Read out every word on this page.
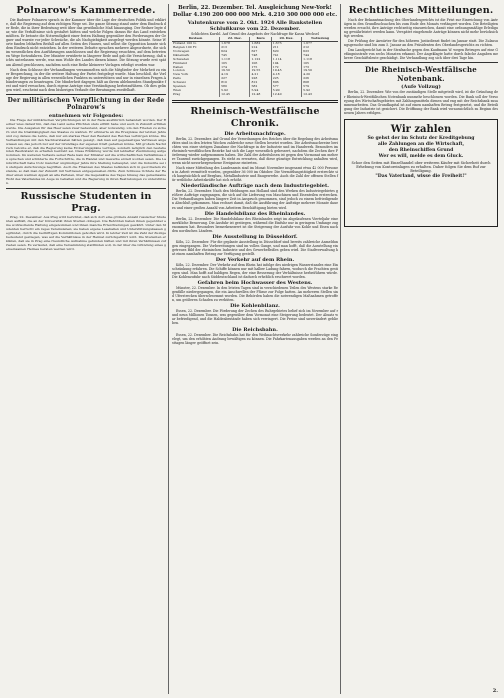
Polnarow's Kammerrede.
Die Badener Polnarow sprach in der Kammer über die Lage der deutschen Politik und erklärte, daß die Regierung auf dem richtigen Wege sei. Die ganze Sitzung stand unter dem Eindruck der Rede, die in ihrer Bedeutung weit über das gewöhnliche Maß hinausging. Der Redner legte dar, wie die Verhältnisse sich gestaltet hätten und welche Folgen daraus für das Land entstehen müßten. Er betonte die Notwendigkeit einer festen Haltung gegenüber den Forderungen der Gegner und warnte vor jeder Schwäche, die als Nachgiebigkeit ausgelegt werden könnte. Seine Worte fanden lebhaften Beifall auf allen Seiten des Hauses, und selbst die Opposition konnte sich dem Eindruck nicht entziehen. In der weiteren Debatte sprachen mehrere Abgeordnete, die sich im wesentlichen den Ausführungen anschlossen und die Regierung ersuchten, auf dem betretenen Wege fortzufahren. Der Minister erwiderte in längerer Rede und gab die Versicherung, daß nichts unterlassen werde, was zum Wohle des Landes dienen könne. Die Sitzung wurde erst spät am Abend geschlossen, nachdem noch eine Reihe kleinerer Vorlagen erledigt worden war.
Nach dem Schlusse der Verhandlungen versammelten sich die Mitglieder der Mehrheit zu einer Besprechung, in der die weitere Haltung der Partei festgelegt wurde. Man beschloß, die Vorlage der Regierung in allen wesentlichen Punkten zu unterstützen und nur in einzelnen Fragen Abänderungen zu beantragen. Die Minderheit dagegen hält an ihrem ablehnenden Standpunkte fest und wird versuchen, durch eigene Anträge eine Verständigung herbeizuführen. Ob dies gelingen wird, erscheint nach dem bisherigen Verlaufe der Beratungen zweifelhaft.
Der militärischen Verpflichtung in der Rede Polnarow's
entnehmen wir Folgendes:
Die Frage der militärischen Verpflichtungen ist in der Rede ausführlich behandelt worden. Der Redner wies darauf hin, daß das Land seine Pflichten stets erfüllt habe und auch in Zukunft erfüllen werde. Die Ausgaben für das Heer seien zwar bedeutend, aber notwendig, um den Frieden zu sichern und die Unabhängigkeit des Staates zu wahren. Er erinnerte an die Ereignisse der letzten Jahre und zog daraus die Lehre, daß nur ein starkes Heer den Bestand des Reiches verbürgen könne. Die Verhandlungen mit den Nachbarstaaten hätten gezeigt, daß man auf gegenseitiges Vertrauen angewiesen sei, das jedoch nur auf der Grundlage der eigenen Kraft gedeihen könne. Mit großem Nachdruck betonte er, daß die Regierung keine Eroberungspläne verfolge, sondern lediglich den bestehenden Besitzstand zu erhalten bestrebt sei. Diese Erklärung wurde mit lebhafter Zustimmung aufgenommen. Im weiteren Verlaufe seiner Rede kam der Minister auf die wirtschaftlichen Verhältnisse zu sprechen und schilderte die Fortschritte, die in Handel und Gewerbe erzielt worden seien. Die Landwirtschaft habe trotz mancher ungünstiger Jahre ihre Stellung behauptet, und die Industrie sei in stetigem Aufschwunge begriffen. Auch die Finanzen des Staates befänden sich in geordnetem Zustande, so daß man der Zukunft mit Vertrauen entgegensehen dürfe. Zum Schlusse richtete der Redner einen warmen Appell an alle Parteien, über die Gegensätze des Tages hinweg das gemeinsame Wohl des Vaterlandes im Auge zu behalten und die Regierung in ihren Bestrebungen zu unterstützen.
Russische Studenten in Prag.
Prag, 22. Dezember. Aus Prag wird berichtet, daß sich dort eine größere Anzahl russischer Studenten aufhält, die an der Universität ihren Studien obliegen. Die Behörden haben ihnen gegenüber eine wohlwollende Haltung eingenommen und ihnen manche Erleichterungen gewährt. Unter den Studenten herrscht ein reges Vereinsleben; sie haben eigene Lesehallen und Unterstützungskassen gegründet, durch die bedürftigen Kommilitonen geholfen wird. In letzter Zeit ist die Zahl der Zuzüge bedeutend gestiegen, was auf die Verhältnisse in der Heimat zurückgeführt wird. Die Studenten erklären, daß sie in Prag eine freundliche Aufnahme gefunden hätten und mit ihren Verhältnissen zufrieden seien. Es verlautet, daß eine Versammlung stattfinden soll, in der über die Gründung eines gemeinsamen Heimes beraten werden wird.
Berlin, 22. Dezember. Tel. Ausgleichung New-York! Dollar 4.190 200 000 000 Mrk. 4.210 300 000 000 etc.
Valutenkurse vom 2. Okt. 1924 Alle Bankstellen
Schlußkurse vom 22. Dezember.
Schlichten Kursbl. Auf Grund des Angebots der Nachfrage für Kassa Wechsel
Devisen	22. Dez.	Kurs	20. Dez.	Notierung
Holland 100 G.	1.678	1.682	1.673	1.677
Belgien 100 Fr.	213	214	211	212
Norwegen	624	627	620	623
Dänemark	745	748	741	744
Schweden	1.118	1.122	1.114	1.118
Finnland	105	106	104	105
Italien	174	175	172	173
London	19.50	19.55	19.45	19.50
New York	4.19	4.21	4.18	4.20
Paris	227	228	225	226
Schweiz	810	812	806	808
Spanien	580	582	577	579
Wien	5.92	5.94	5.90	5.92
Prag	12.45	12.48	12.40	12.43
Rheinisch-Westfälische Chronik.
Die Arbeitsnachfrage.
Berlin, 22. Dezember. Auf Grund der Verordnungen des Reiches über die Regelung des Arbeitsmarktes sind in den letzten Wochen zahlreiche neue Stellen besetzt worden. Die Arbeitsnachweise berichten von einer stetigen Zunahme der Nachfrage in der Industrie und im Handwerk. Besonders im rheinisch-westfälischen Bezirke hat sich die Lage wesentlich gebessert, nachdem die Zechen ihre Förderung wieder aufgenommen haben. Die Zahl der Arbeitslosen ist gegen den Vormonat um mehrere Tausend zurückgegangen. Es steht zu erwarten, daß diese günstige Entwicklung anhalten wird, wenn nicht unvorhergesehene Ereignisse eintreten.
Nach einer Mitteilung des Landesamts sind im Monat November insgesamt etwa 42 000 Personen in Arbeit vermittelt worden, gegenüber 36 000 im Oktober. Die Vermittlungstätigkeit erstreckte sich hauptsächlich auf Bergbau, Metallindustrie und Baugewerbe. Auch die Zahl der offenen Stellen für weibliche Arbeitskräfte hat sich erhöht.
Niederländische Aufträge nach dem Industriegebiet.
Berlin, 22. Dezember. Nach den Meldungen aus Holland sind den Werken des Industriegebietes größere Aufträge zugegangen, die sich auf die Lieferung von Maschinen und Eisenteilen erstrecken. Die Verhandlungen haben längere Zeit in Anspruch genommen, sind jedoch zu einem befriedigenden Abschluß gekommen. Man rechnet damit, daß die Ausführung der Aufträge mehrere Monate dauern und einer großen Anzahl von Arbeitern Beschäftigung bieten wird.
Die Handelsbilanz des Rheinlandes.
Berlin, 22. Dezember. Die Handelsbilanz des Rheinlandes zeigt im abgelaufenen Vierteljahr eine merkliche Besserung. Die Ausfuhr ist gestiegen, während die Einfuhr nur in geringem Umfange zugenommen hat. Besonders bemerkenswert ist die Steigerung der Ausfuhr von Kohle und Eisen nach den nordischen Ländern.
Die Ausstellung in Düsseldorf.
Köln, 22. Dezember. Für die geplante Ausstellung in Düsseldorf sind bereits zahlreiche Anmeldungen eingegangen. Die Vorbereitungen sind im vollen Gange, und man hofft, daß die Ausstellung ein getreues Bild der rheinischen Industrie und des Gewerbefleißes geben wird. Die Stadtverwaltung hat einen namhaften Betrag zur Verfügung gestellt.
Der Verkehr auf dem Rhein.
Köln, 22. Dezember. Der Verkehr auf dem Rhein hat infolge des niedrigen Wasserstandes eine Einschränkung erfahren. Die Schiffe können nur mit halber Ladung fahren, wodurch die Frachten gestiegen sind. Man hofft auf baldigen Regen, der eine Besserung der Verhältnisse herbeiführen würde. Die Kohlenzufuhr nach Süddeutschland ist dadurch erheblich erschwert worden.
Gefahren beim Hochwasser des Westens.
Münster, 22. Dezember. In den letzten Tagen sind in verschiedenen Teilen des Westens starke Regenfälle niedergegangen, die ein Anschwellen der Flüsse zur Folge hatten. An mehreren Stellen sind Uferstrecken überschwemmt worden. Die Behörden haben die notwendigen Maßnahmen getroffen, um größeren Schaden zu verhüten.
Die Kohlenbilanz.
Essen, 22. Dezember. Die Förderung der Zechen des Ruhrgebietes belief sich im November auf rund neun Millionen Tonnen, was gegenüber dem Vormonat eine Steigerung bedeutet. Der Absatz war befriedigend, und die Haldenbestände haben sich verringert. Die Preise sind unverändert geblieben.
Die Reichsbahn.
Essen, 22. Dezember. Die Reichsbahn hat für den Weihnachtsverkehr zahlreiche Sonderzüge eingelegt, um den erhöhten Andrang bewältigen zu können. Die Fahrkartenausgaben werden an den Festtagen länger geöffnet sein.
Rechtliches Mitteilungen.
Nach der Bekanntmachung des Oberlandesgerichts ist die Frist zur Einreichung von Anträgen in den Grundbuchsachen bis zum Ende des Monats verlängert worden. Die Beteiligten werden ersucht, ihre Anträge rechtzeitig einzureichen, damit eine ordnungsmäßige Erledigung gewährleistet werden kann. Verspätet eingehende Anträge können nicht mehr berücksichtigt werden.
Die Prüfung der Anwärter für den höheren Justizdienst findet im Januar statt. Die Zulassungsgesuche sind bis zum 5. Januar an den Präsidenten des Oberlandesgerichts zu richten.
Das Landgericht hat in der Strafsache gegen den Kaufmann W. wegen Betruges auf eine Gefängnisstrafe von sechs Monaten erkannt. Der Angeklagte hatte durch falsche Angaben mehrere Geschäftsleute geschädigt. Die Verhandlung zog sich über drei Tage hin.
Die Rheinisch-Westfälische Notenbank.
(Aufe Vollzug)
Berlin, 22. Dezember. Wie von der zuständigen Stelle mitgeteilt wird, ist die Gründung der Rheinisch-Westfälischen Notenbank nunmehr beschlossen worden. Die Bank soll der Versorgung des Wirtschaftsgebietes mit Zahlungsmitteln dienen und eng mit der Reichsbank zusammenarbeiten. Das Grundkapital ist auf einen namhaften Betrag festgesetzt, und die Beteiligung der Industrie ist gesichert. Die Eröffnung der Bank wird voraussichtlich zu Beginn des neuen Jahres erfolgen.
Wir zahlen
So gehst der im Schutz der Kreditgebung
alle Zahlungen an die Wirtschaft,
den Rheinschiffen Grund
Wer es will, melde es dem Gluck.
Schoe den Seiten mit Einzelhandel ober weiteren Käufer mit Sicherheit durch Erhebung von Kontoreinlagen zu erhalten. Daher folgen Sie dem Ruf zur Beteiligung.
"Das Vaterland, wisse die Freiheit!"
2.
